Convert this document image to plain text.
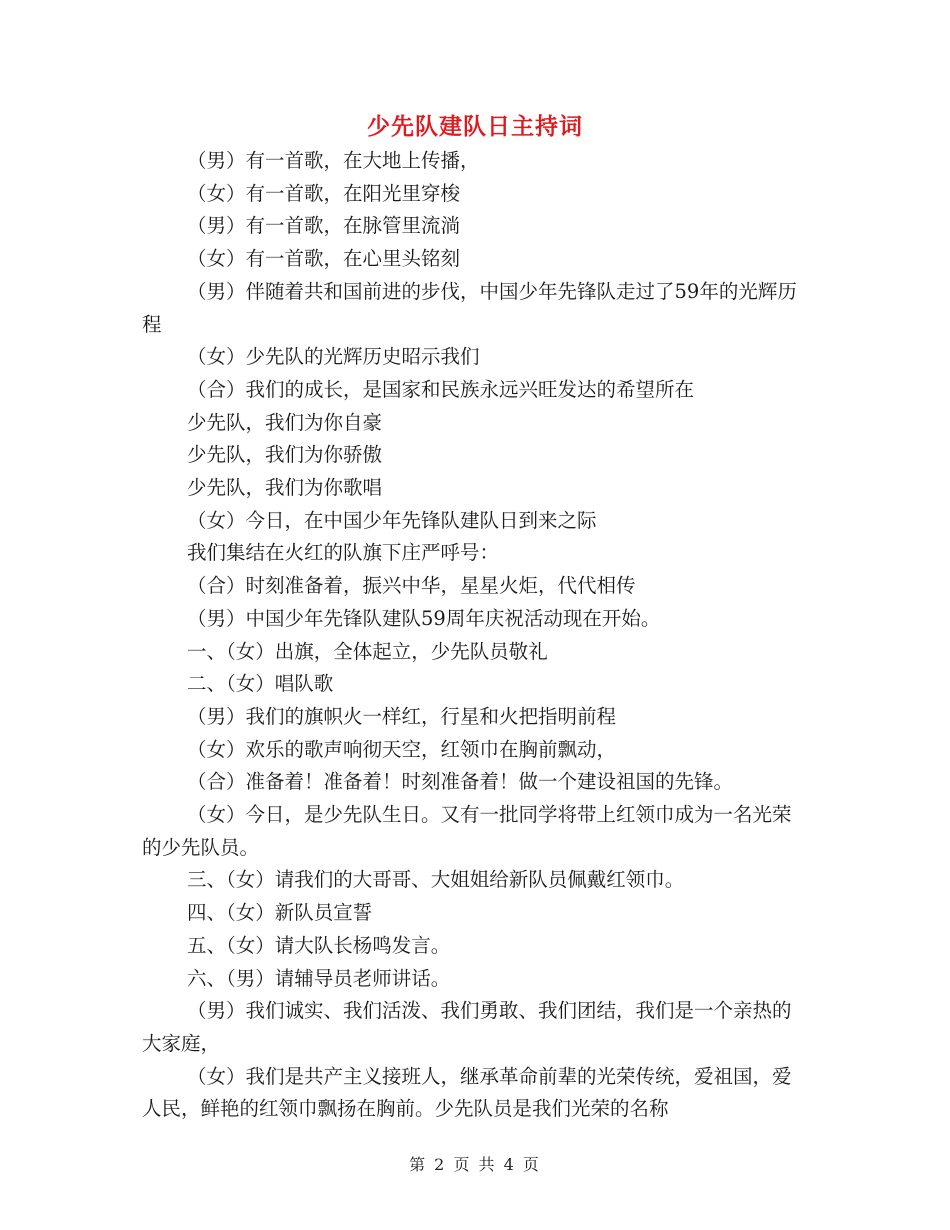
少先队建队日主持词

（男）有一首歌，在大地上传播，

（女）有一首歌，在阳光里穿梭

（男）有一首歌，在脉管里流淌

（女）有一首歌，在心里头铭刻

（男）伴随着共和国前进的步伐，中国少年先锋队走过了59年的光辉历程

（女）少先队的光辉历史昭示我们

（合）我们的成长，是国家和民族永远兴旺发达的希望所在

少先队，我们为你自豪

少先队，我们为你骄傲

少先队，我们为你歌唱

（女）今日，在中国少年先锋队建队日到来之际

我们集结在火红的队旗下庄严呼号：

（合）时刻准备着，振兴中华，星星火炬，代代相传

（男）中国少年先锋队建队59周年庆祝活动现在开始。

一、（女）出旗，全体起立，少先队员敬礼

二、（女）唱队歌

（男）我们的旗帜火一样红，行星和火把指明前程

（女）欢乐的歌声响彻天空，红领巾在胸前飘动，

（合）准备着！准备着！时刻准备着！做一个建设祖国的先锋。

（女）今日，是少先队生日。又有一批同学将带上红领巾成为一名光荣的少先队员。

三、（女）请我们的大哥哥、大姐姐给新队员佩戴红领巾。

四、（女）新队员宣誓

五、（女）请大队长杨鸣发言。

六、（男）请辅导员老师讲话。

（男）我们诚实、我们活泼、我们勇敢、我们团结，我们是一个亲热的大家庭，

（女）我们是共产主义接班人，继承革命前辈的光荣传统，爱祖国，爱人民，鲜艳的红领巾飘扬在胸前。少先队员是我们光荣的名称

第 2 页 共 4 页
